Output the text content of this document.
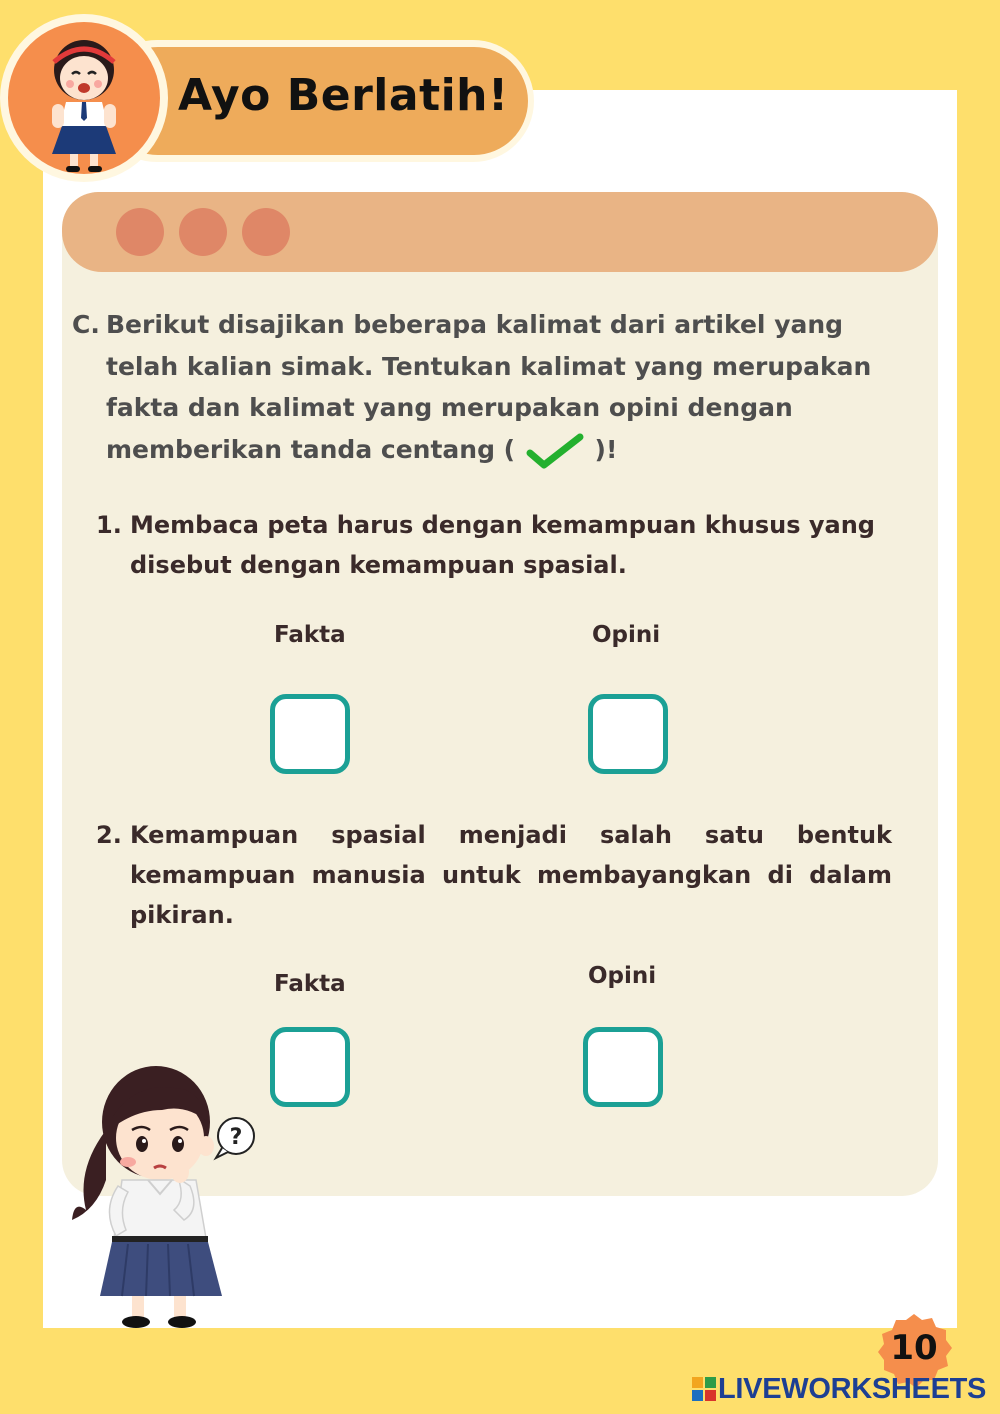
Ayo Berlatih!
C. Berikut disajikan beberapa kalimat dari artikel yang
telah kalian simak. Tentukan kalimat yang merupakan
fakta dan kalimat yang merupakan opini dengan
memberikan tanda centang (	)!
1. Membaca peta harus dengan kemampuan khusus yang
disebut dengan kemampuan spasial.
Fakta	Opini
2. Kemampuan spasial menjadi salah satu bentuk
kemampuan manusia untuk membayangkan di dalam
pikiran.
Fakta	Opini
?
10
LIVEWORKSHEETS
